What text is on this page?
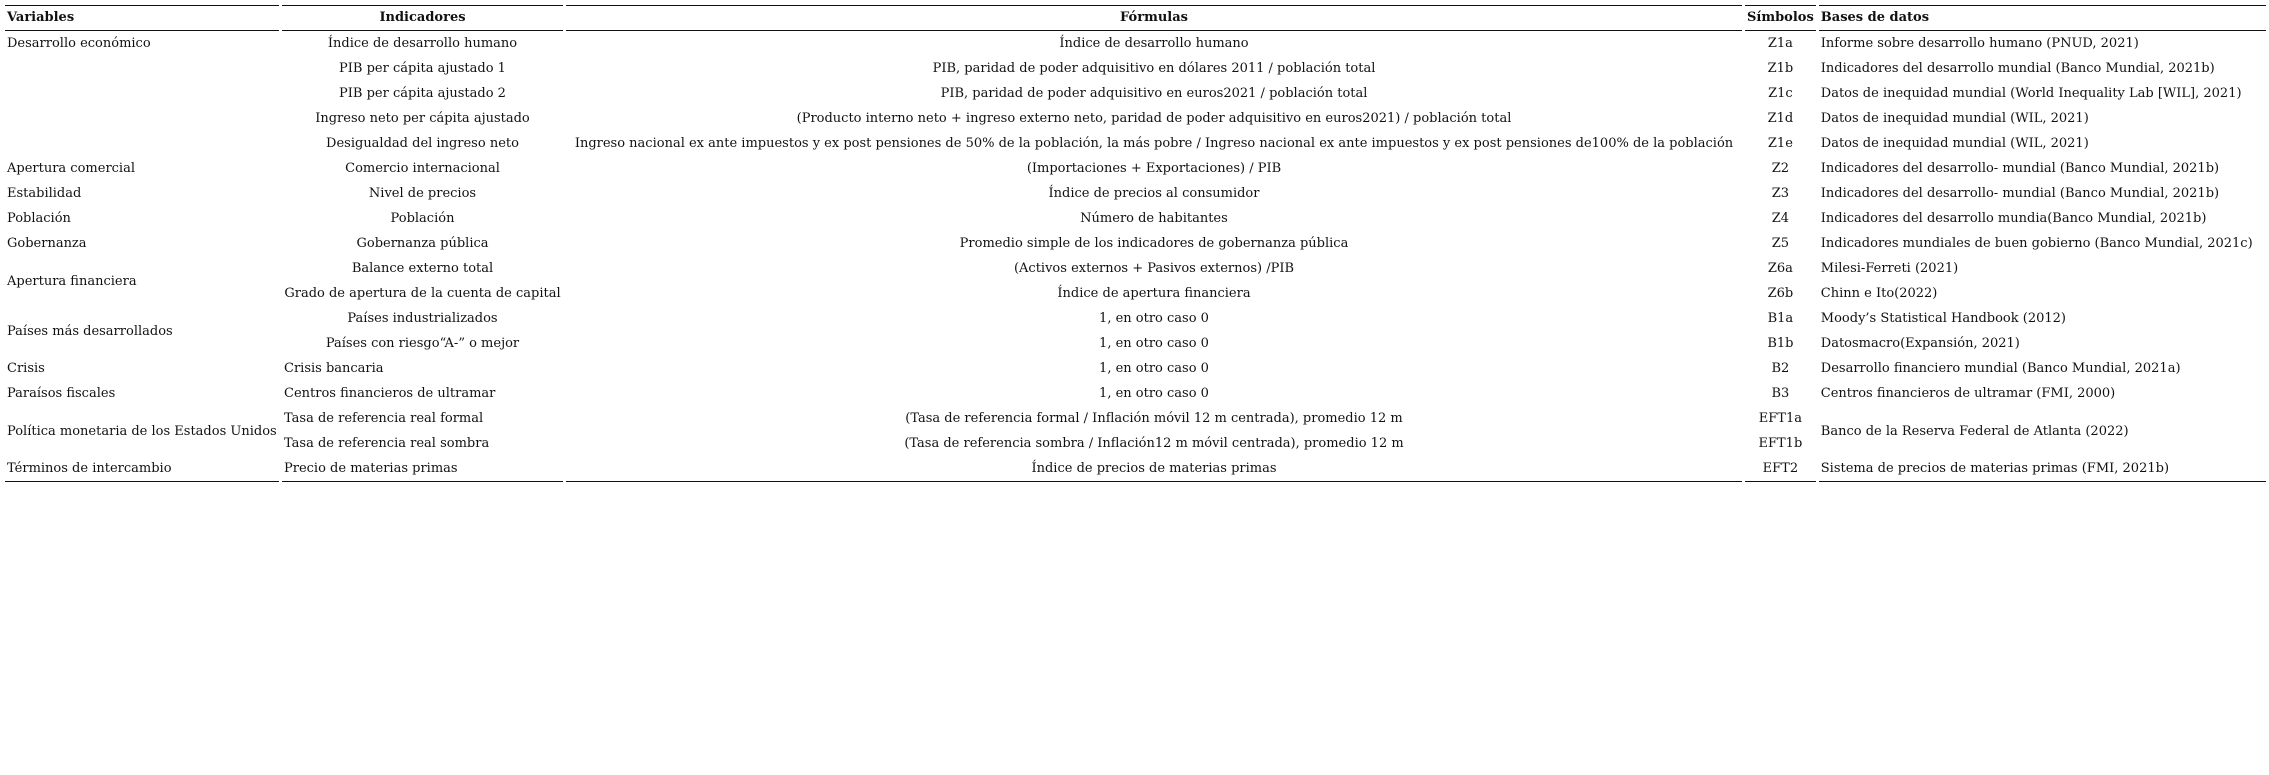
Variables	Indicadores	Fórmulas	Símbolos	Bases de datos
Desarrollo económico	Índice de desarrollo humano	Índice de desarrollo humano	Z1a	Informe sobre desarrollo humano (PNUD, 2021)
	PIB per cápita ajustado 1	PIB, paridad de poder adquisitivo en dólares 2011 / población total	Z1b	Indicadores del desarrollo mundial (Banco Mundial, 2021b)
	PIB per cápita ajustado 2	PIB, paridad de poder adquisitivo en euros2021 / población total	Z1c	Datos de inequidad mundial (World Inequality Lab [WIL], 2021)
	Ingreso neto per cápita ajustado	(Producto interno neto + ingreso externo neto, paridad de poder adquisitivo en euros2021) / población total	Z1d	Datos de inequidad mundial (WIL, 2021)
	Desigualdad del ingreso neto	Ingreso nacional ex ante impuestos y ex post pensiones de 50% de la población, la más pobre / Ingreso nacional ex ante impuestos y ex post pensiones de100% de la población	Z1e	Datos de inequidad mundial (WIL, 2021)
Apertura comercial	Comercio internacional	(Importaciones + Exportaciones) / PIB	Z2	Indicadores del desarrollo- mundial (Banco Mundial, 2021b)
Estabilidad	Nivel de precios	Índice de precios al consumidor	Z3	Indicadores del desarrollo- mundial (Banco Mundial, 2021b)
Población	Población	Número de habitantes	Z4	Indicadores del desarrollo mundia(Banco Mundial, 2021b)
Gobernanza	Gobernanza pública	Promedio simple de los indicadores de gobernanza pública	Z5	Indicadores mundiales de buen gobierno (Banco Mundial, 2021c)
Apertura financiera	Balance externo total	(Activos externos + Pasivos externos) /PIB	Z6a	Milesi-Ferreti (2021)
	Grado de apertura de la cuenta de capital	Índice de apertura financiera	Z6b	Chinn e Ito(2022)
Países más desarrollados	Países industrializados	1, en otro caso 0	B1a	Moody’s Statistical Handbook (2012)
	Países con riesgo“A-” o mejor	1, en otro caso 0	B1b	Datosmacro(Expansión, 2021)
Crisis	Crisis bancaria	1, en otro caso 0	B2	Desarrollo financiero mundial (Banco Mundial, 2021a)
Paraísos fiscales	Centros financieros de ultramar	1, en otro caso 0	B3	Centros financieros de ultramar (FMI, 2000)
Política monetaria de los Estados Unidos	Tasa de referencia real formal	(Tasa de referencia formal / Inflación móvil 12 m centrada), promedio 12 m	EFT1a	Banco de la Reserva Federal de Atlanta (2022)
	Tasa de referencia real sombra	(Tasa de referencia sombra / Inflación12 m móvil centrada), promedio 12 m	EFT1b	
Términos de intercambio	Precio de materias primas	Índice de precios de materias primas	EFT2	Sistema de precios de materias primas (FMI, 2021b)
